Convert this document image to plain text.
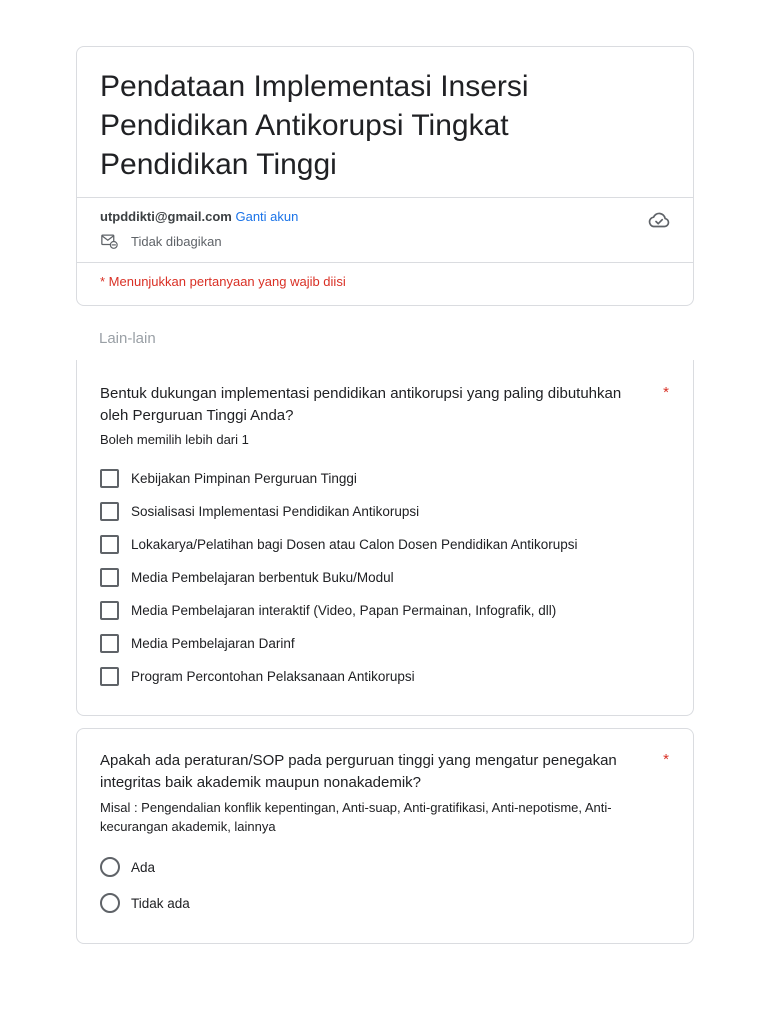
Pendataan Implementasi Insersi Pendidikan Antikorupsi Tingkat Pendidikan Tinggi
utpddikti@gmail.com Ganti akun
Tidak dibagikan
* Menunjukkan pertanyaan yang wajib diisi
Lain-lain
Bentuk dukungan implementasi pendidikan antikorupsi yang paling dibutuhkan oleh Perguruan Tinggi Anda?
*
Boleh memilih lebih dari 1
Kebijakan Pimpinan Perguruan Tinggi
Sosialisasi Implementasi Pendidikan Antikorupsi
Lokakarya/Pelatihan bagi Dosen atau Calon Dosen Pendidikan Antikorupsi
Media Pembelajaran berbentuk Buku/Modul
Media Pembelajaran interaktif (Video, Papan Permainan, Infografik, dll)
Media Pembelajaran Darinf
Program Percontohan Pelaksanaan Antikorupsi
Apakah ada peraturan/SOP pada perguruan tinggi yang mengatur penegakan integritas baik akademik maupun nonakademik?
*
Misal : Pengendalian konflik kepentingan, Anti-suap, Anti-gratifikasi, Anti-nepotisme, Anti-kecurangan akademik, lainnya
Ada
Tidak ada
